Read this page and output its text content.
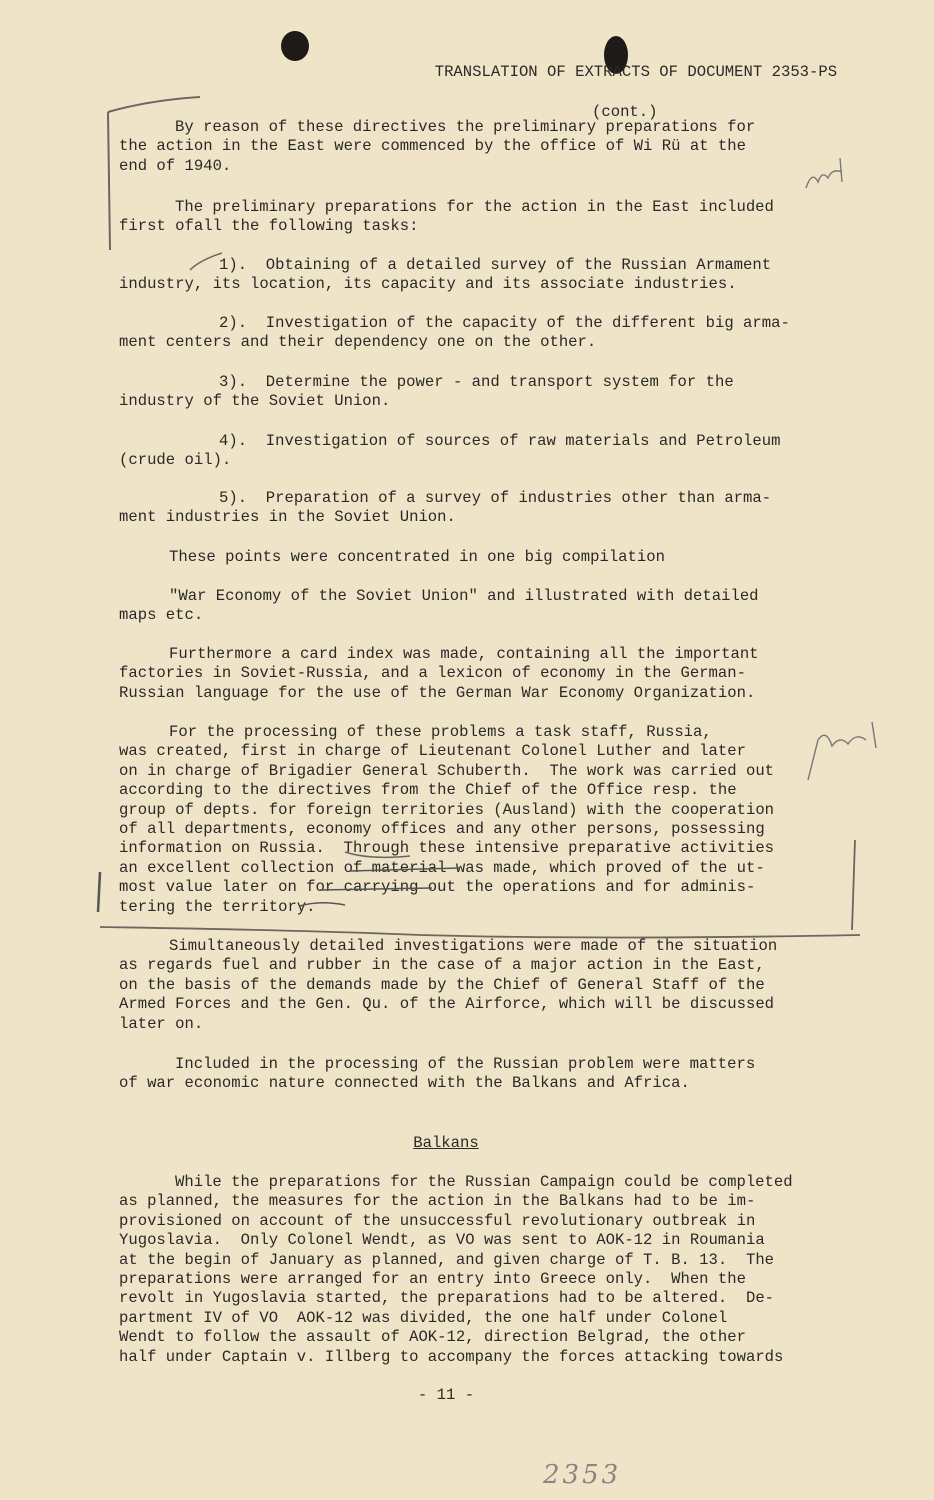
TRANSLATION OF EXTRACTS OF DOCUMENT 2353-PS

(cont.)

By reason of these directives the preliminary preparations for
the action in the East were commenced by the office of Wi Rü at the
end of 1940.
The preliminary preparations for the action in the East included
first ofall the following tasks:
1).  Obtaining of a detailed survey of the Russian Armament
industry, its location, its capacity and its associate industries.
2).  Investigation of the capacity of the different big arma-
ment centers and their dependency one on the other.
3).  Determine the power - and transport system for the
industry of the Soviet Union.
4).  Investigation of sources of raw materials and Petroleum
(crude oil).
5).  Preparation of a survey of industries other than arma-
ment industries in the Soviet Union.
These points were concentrated in one big compilation
"War Economy of the Soviet Union" and illustrated with detailed
maps etc.
Furthermore a card index was made, containing all the important
factories in Soviet-Russia, and a lexicon of economy in the German-
Russian language for the use of the German War Economy Organization.
For the processing of these problems a task staff, Russia,
was created, first in charge of Lieutenant Colonel Luther and later
on in charge of Brigadier General Schuberth.  The work was carried out
according to the directives from the Chief of the Office resp. the
group of depts. for foreign territories (Ausland) with the cooperation
of all departments, economy offices and any other persons, possessing
information on Russia.  Through these intensive preparative activities
an excellent collection of material was made, which proved of the ut-
most value later on for carrying out the operations and for adminis-
tering the territory.
Simultaneously detailed investigations were made of the situation
as regards fuel and rubber in the case of a major action in the East,
on the basis of the demands made by the Chief of General Staff of the
Armed Forces and the Gen. Qu. of the Airforce, which will be discussed
later on.
Included in the processing of the Russian problem were matters
of war economic nature connected with the Balkans and Africa.
Balkans
While the preparations for the Russian Campaign could be completed
as planned, the measures for the action in the Balkans had to be im-
provisioned on account of the unsuccessful revolutionary outbreak in
Yugoslavia.  Only Colonel Wendt, as VO was sent to AOK-12 in Roumania
at the begin of January as planned, and given charge of T. B. 13.  The
preparations were arranged for an entry into Greece only.  When the
revolt in Yugoslavia started, the preparations had to be altered.  De-
partment IV of VO  AOK-12 was divided, the one half under Colonel
Wendt to follow the assault of AOK-12, direction Belgrad, the other
half under Captain v. Illberg to accompany the forces attacking towards
- 11 -
2353
